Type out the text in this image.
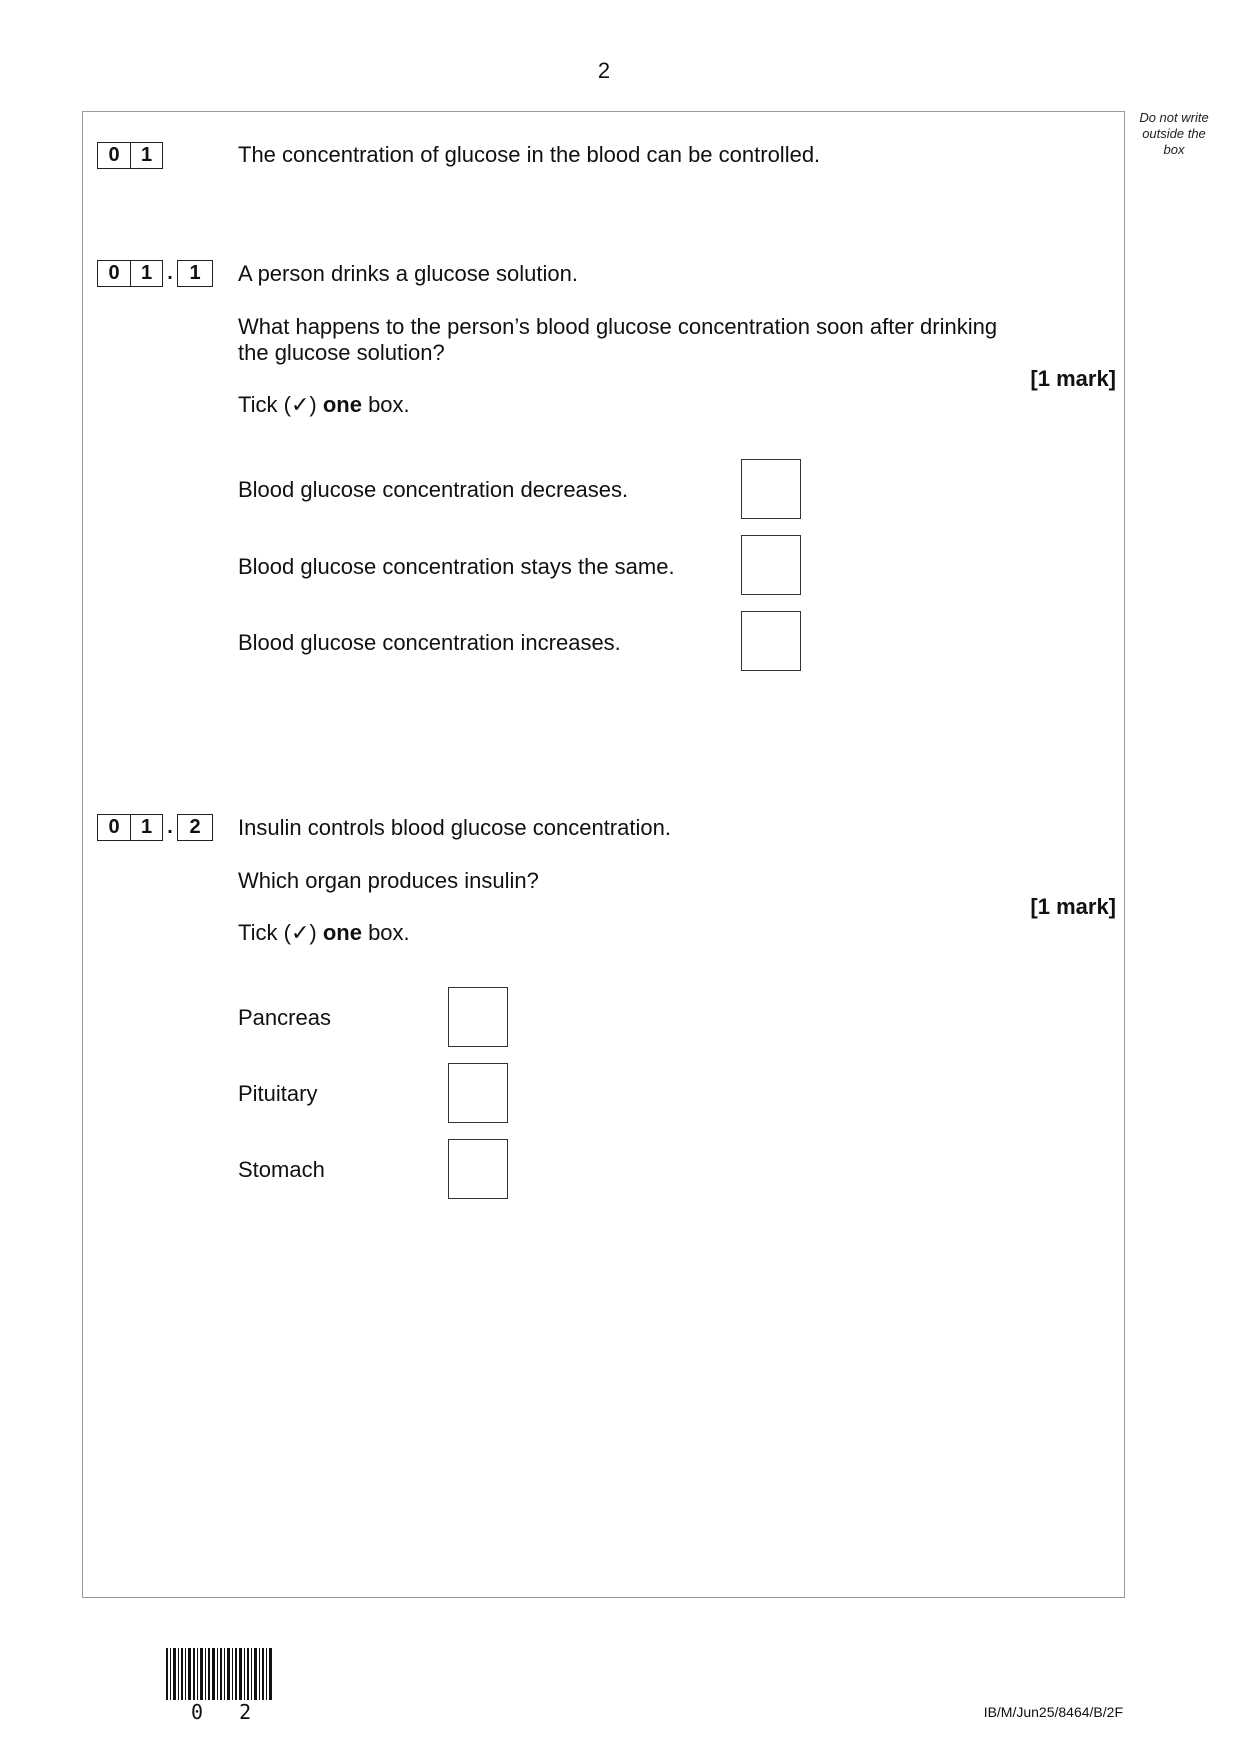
2
Do not write
outside the
box
0	1	The concentration of glucose in the blood can be controlled.
0	1 . 1	A person drinks a glucose solution.
What happens to the person’s blood glucose concentration soon after drinking
the glucose solution?
[1 mark]
Tick (✓) one box.
Blood glucose concentration decreases.
Blood glucose concentration stays the same.
Blood glucose concentration increases.
0	1 . 2	Insulin controls blood glucose concentration.
Which organ produces insulin?
[1 mark]
Tick (✓) one box.
Pancreas
Pituitary
Stomach
0 2	IB/M/Jun25/8464/B/2F
